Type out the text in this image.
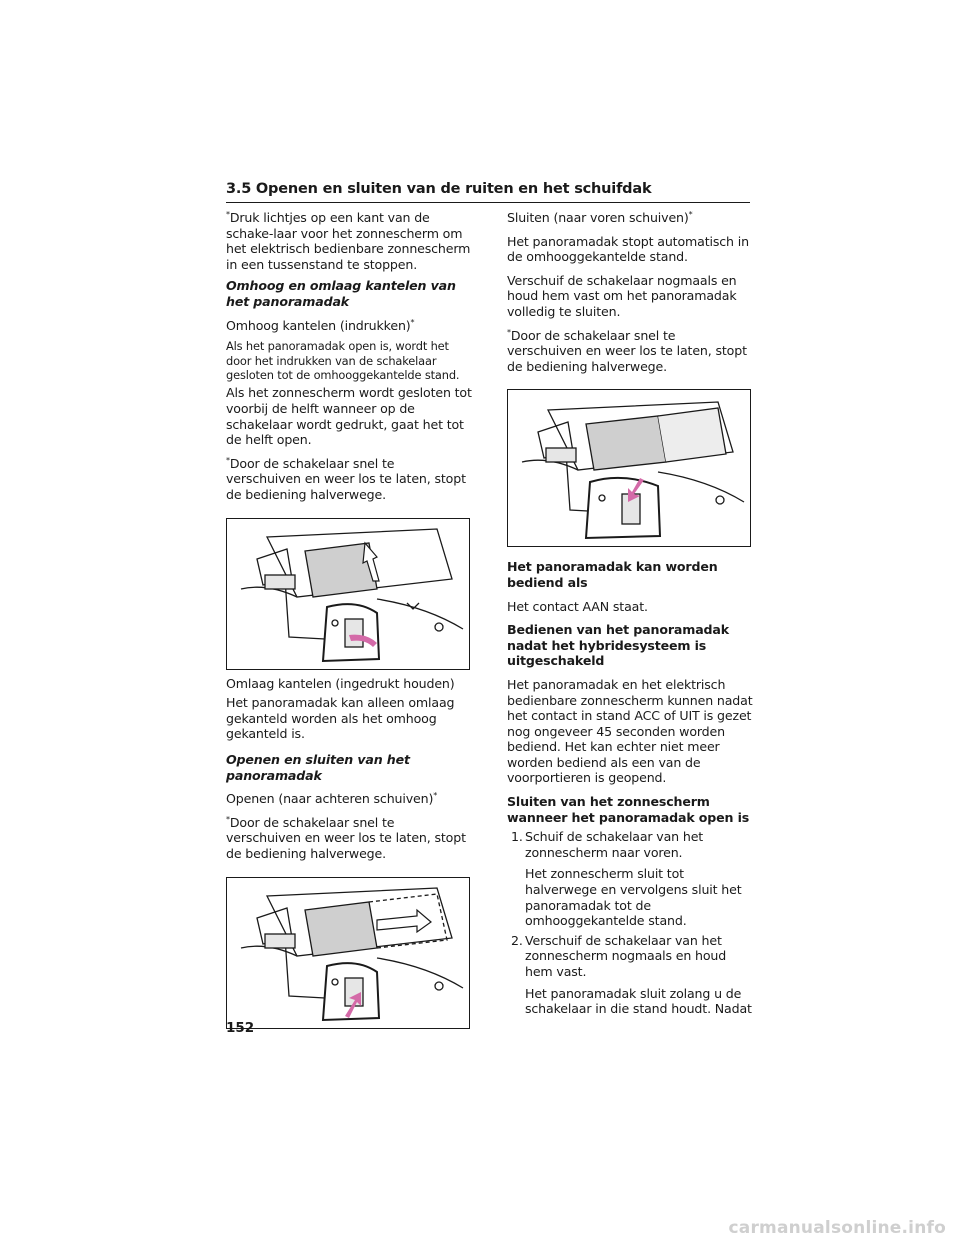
3.5 Openen en sluiten van de ruiten en het schuifdak

*Druk lichtjes op een kant van de schake-laar voor het zonnescherm om het elektrisch bedienbare zonnescherm in een tussenstand te stoppen.

Omhoog en omlaag kantelen van het panoramadak

Omhoog kantelen (indrukken)*

Als het panoramadak open is, wordt het door het indrukken van de schakelaar gesloten tot de omhooggekantelde stand.

Als het zonnescherm wordt gesloten tot voorbij de helft wanneer op de schakelaar wordt gedrukt, gaat het tot de helft open.

*Door de schakelaar snel te verschuiven en weer los te laten, stopt de bediening halverwege.

Omlaag kantelen (ingedrukt houden)

Het panoramadak kan alleen omlaag gekanteld worden als het omhoog gekanteld is.

Openen en sluiten van het panoramadak

Openen (naar achteren schuiven)*

*Door de schakelaar snel te verschuiven en weer los te laten, stopt de bediening halverwege.

Sluiten (naar voren schuiven)*

Het panoramadak stopt automatisch in de omhooggekantelde stand.

Verschuif de schakelaar nogmaals en houd hem vast om het panoramadak volledig te sluiten.

*Door de schakelaar snel te verschuiven en weer los te laten, stopt de bediening halverwege.

Het panoramadak kan worden bediend als

Het contact AAN staat.

Bedienen van het panoramadak nadat het hybridesysteem is uitgeschakeld

Het panoramadak en het elektrisch bedienbare zonnescherm kunnen nadat het contact in stand ACC of UIT is gezet nog ongeveer 45 seconden worden bediend. Het kan echter niet meer worden bediend als een van de voorportieren is geopend.

Sluiten van het zonnescherm wanneer het panoramadak open is

1. Schuif de schakelaar van het zonnescherm naar voren.

Het zonnescherm sluit tot halverwege en vervolgens sluit het panoramadak tot de omhooggekantelde stand.

2. Verschuif de schakelaar van het zonnescherm nogmaals en houd hem vast.

Het panoramadak sluit zolang u de schakelaar in die stand houdt. Nadat

152
carmanualsonline.info
